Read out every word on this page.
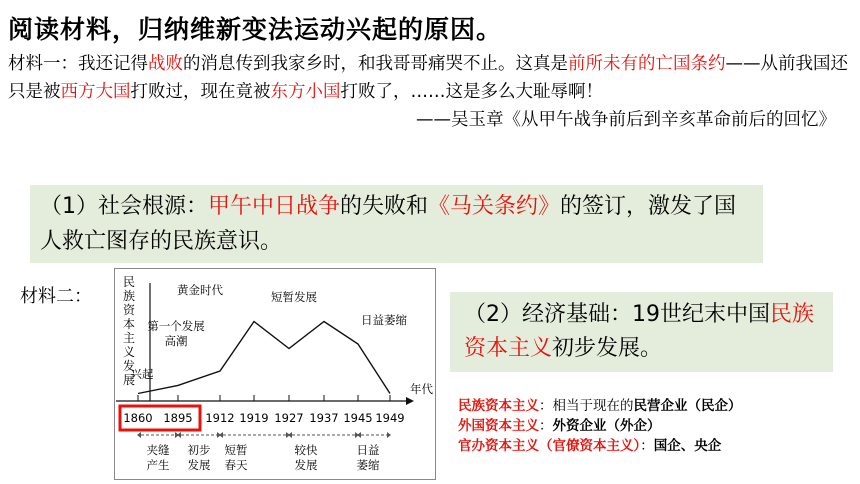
阅读材料，归纳维新变法运动兴起的原因。
材料一：我还记得战败的消息传到我家乡时，和我哥哥痛哭不止。这真是前所未有的亡国条约——从前我国还只是被西方大国打败过，现在竟被东方小国打败了，……这是多么大耻辱啊！
——吴玉章《从甲午战争前后到辛亥革命前后的回忆》
（1）社会根源：甲午中日战争的失败和《马关条约》的签订，激发了国人救亡图存的民族意识。
材料二：
民
族
资
本
主
义
发
展
年代
1860 1895 1912 1919 1927 1937 1945 1949
兴起
第一个发展
高潮
黄金时代	短暂发展
日益萎缩
夹缝
产生
初步
发展
短暂
春天
较快
发展
日益
萎缩
（2）经济基础：19世纪末中国民族资本主义初步发展。
民族资本主义：相当于现在的民营企业（民企）
外国资本主义：外资企业（外企）
官办资本主义（官僚资本主义）：国企、央企
